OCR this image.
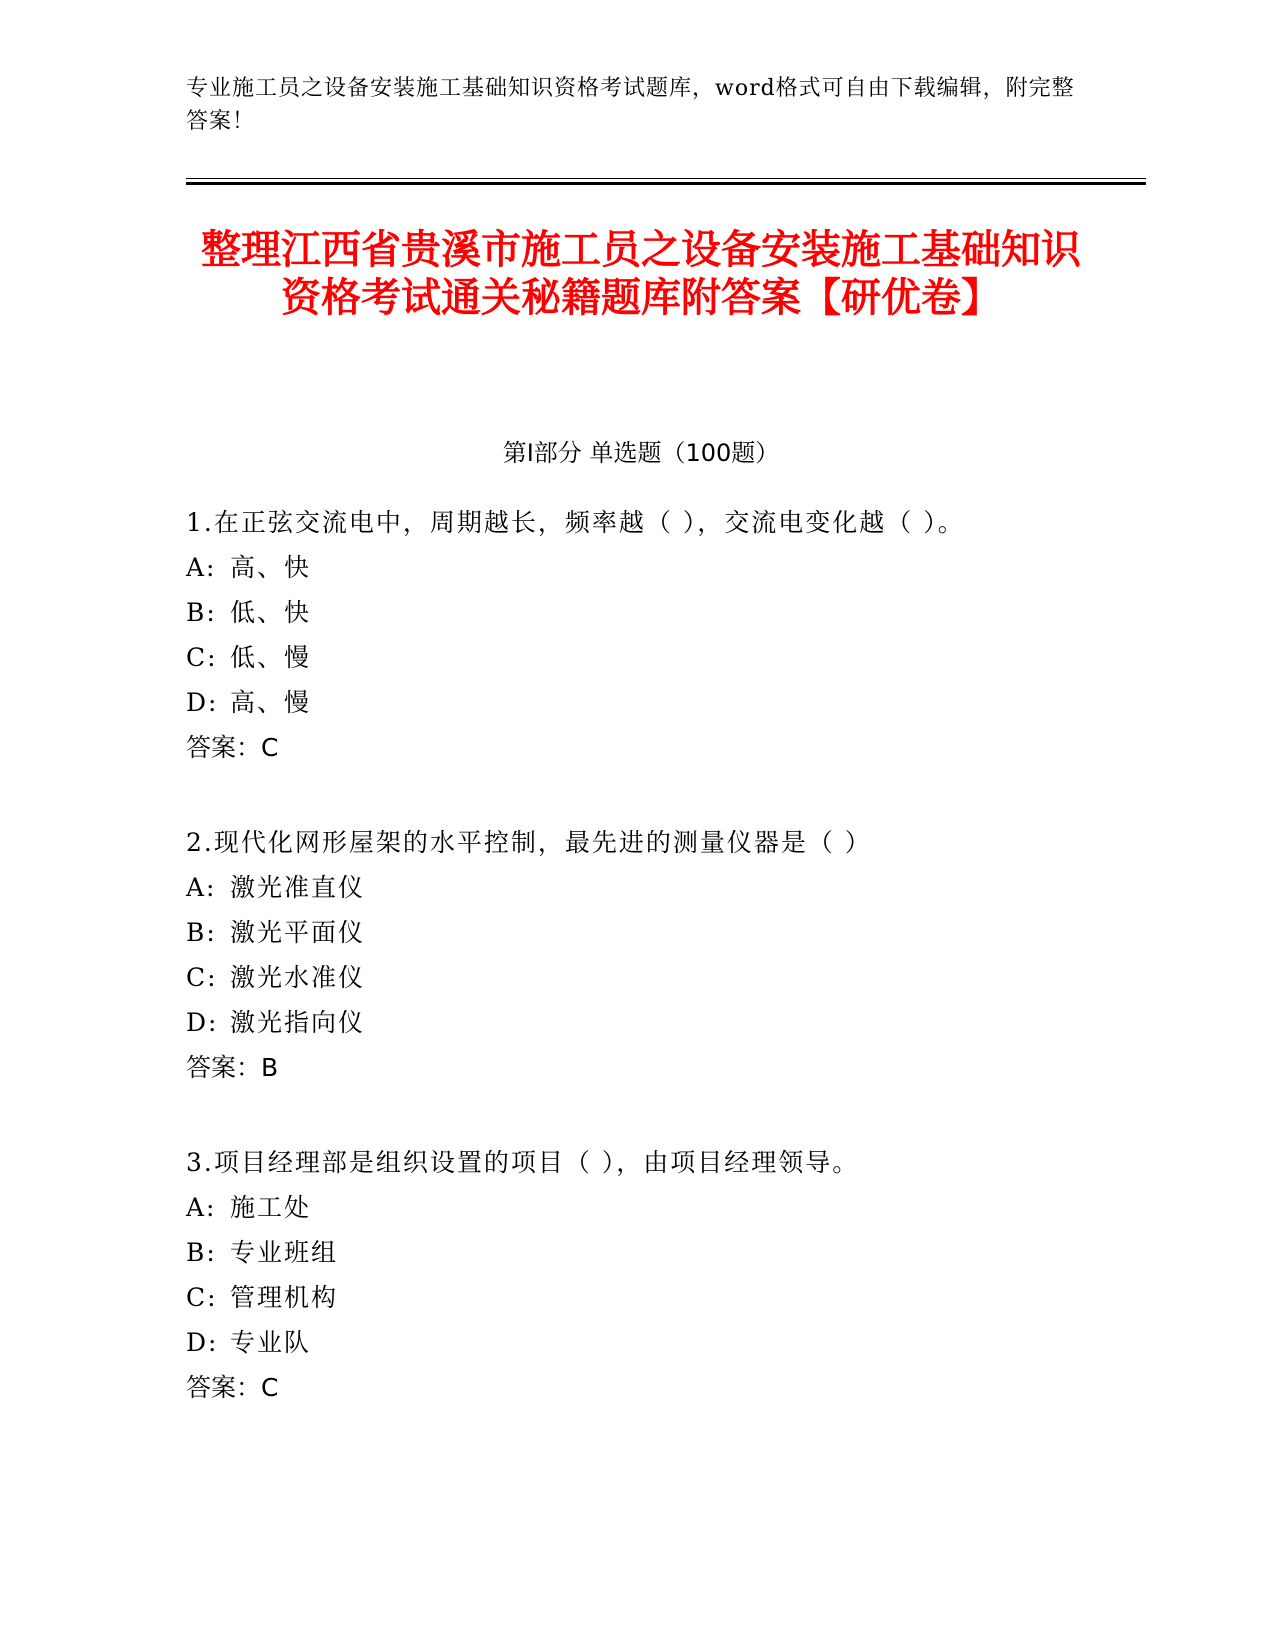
专业施工员之设备安装施工基础知识资格考试题库，word格式可自由下载编辑，附完整答案！
整理江西省贵溪市施工员之设备安装施工基础知识资格考试通关秘籍题库附答案【研优卷】
第Ⅰ部分 单选题（100题）
1.在正弦交流电中，周期越长，频率越（ ），交流电变化越（ ）。
A: 高、快
B: 低、快
C: 低、慢
D: 高、慢
答案：C
2.现代化网形屋架的水平控制，最先进的测量仪器是（ ）
A: 激光准直仪
B: 激光平面仪
C: 激光水准仪
D: 激光指向仪
答案：B
3.项目经理部是组织设置的项目（ ），由项目经理领导。
A: 施工处
B: 专业班组
C: 管理机构
D: 专业队
答案：C
